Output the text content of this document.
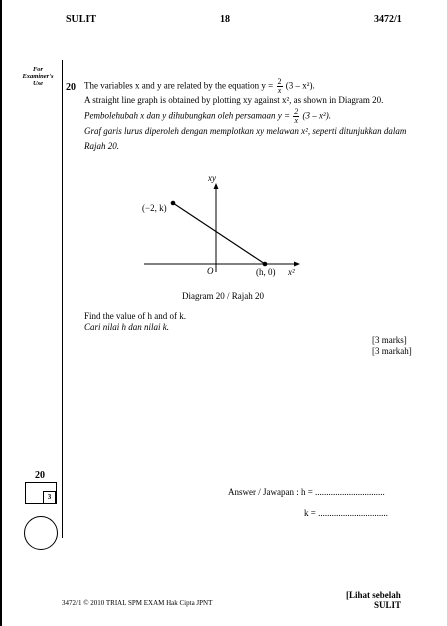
SULIT	18	3472/1
For Examiner's Use	20 The variables x and y are related by the equation $y = \frac{2}{x} (3 - x^2)$.
A straight line graph is obtained by plotting xy against x², as shown in Diagram 20.
Pembolehubah x dan y dihubungkan oleh persamaan $y = \frac{2}{x} (3 - x^2)$.
Graf garis lurus diperoleh dengan memplotkan xy melawan x², seperti ditunjukkan dalam
Rajah 20.
xy
x²
O
(−2, k)
(h, 0)
Diagram 20 / Rajah 20
Find the value of h and of k.
Cari nilai h dan nilai k.
[3 marks]
[3 markah]
20
3	Answer / Jawapan : h = ...............................
k = ...............................
3472/1 © 2010 TRIAL SPM EXAM Hak Cipta JPNT
[Lihat sebelah
SULIT
